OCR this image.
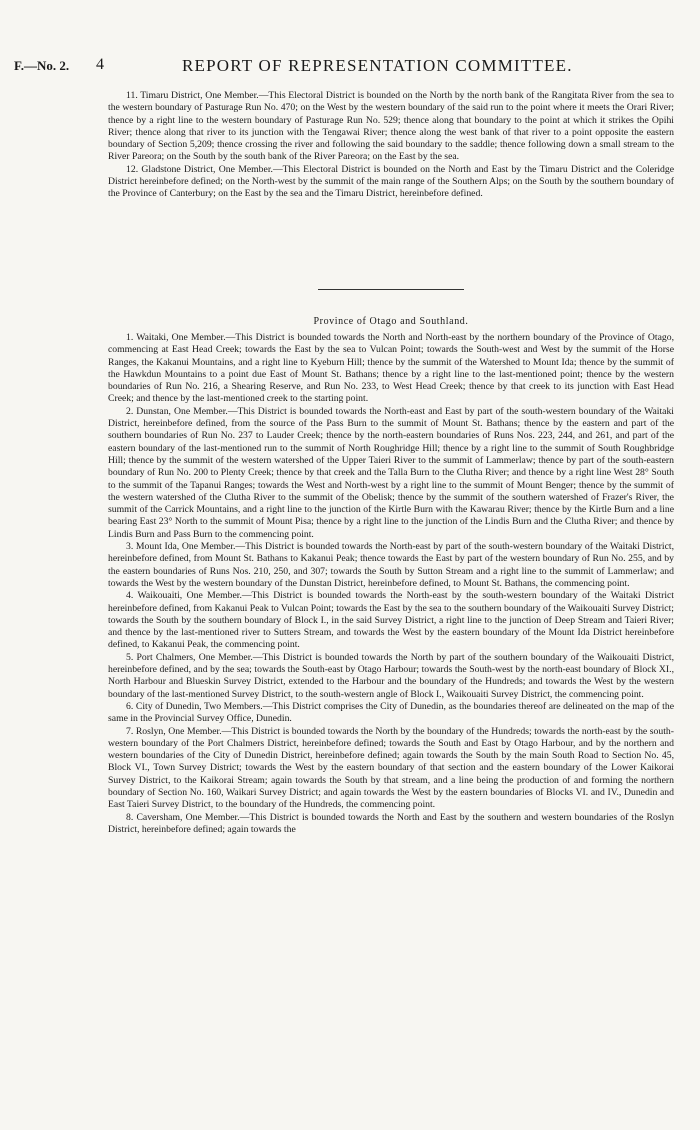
F.—No. 2. 4	REPORT OF REPRESENTATION COMMITTEE.

11. Timaru District, One Member.—This Electoral District is bounded on the North by the north bank of the Rangitata River from the sea to the western boundary of Pasturage Run No. 470; on the West by the western boundary of the said run to the point where it meets the Orari River; thence by a right line to the western boundary of Pasturage Run No. 529; thence along that boundary to the point at which it strikes the Opihi River; thence along that river to its junction with the Tengawai River; thence along the west bank of that river to a point opposite the eastern boundary of Section 5,209; thence crossing the river and following the said boundary to the saddle; thence following down a small stream to the River Pareora; on the South by the south bank of the River Pareora; on the East by the sea.

12. Gladstone District, One Member.—This Electoral District is bounded on the North and East by the Timaru District and the Coleridge District hereinbefore defined; on the North-west by the summit of the main range of the Southern Alps; on the South by the southern boundary of the Province of Canterbury; on the East by the sea and the Timaru District, hereinbefore defined.

Province of Otago and Southland.

1. Waitaki, One Member.—This District is bounded towards the North and North-east by the northern boundary of the Province of Otago, commencing at East Head Creek; towards the East by the sea to Vulcan Point; towards the South-west and West by the summit of the Horse Ranges, the Kakanui Mountains, and a right line to Kyeburn Hill; thence by the summit of the Watershed to Mount Ida; thence by the summit of the Hawkdun Mountains to a point due East of Mount St. Bathans; thence by a right line to the last-mentioned point; thence by the western boundaries of Run No. 216, a Shearing Reserve, and Run No. 233, to West Head Creek; thence by that creek to its junction with East Head Creek; and thence by the last-mentioned creek to the starting point.

2. Dunstan, One Member.—This District is bounded towards the North-east and East by part of the south-western boundary of the Waitaki District, hereinbefore defined, from the source of the Pass Burn to the summit of Mount St. Bathans; thence by the eastern and part of the southern boundaries of Run No. 237 to Lauder Creek; thence by the north-eastern boundaries of Runs Nos. 223, 244, and 261, and part of the eastern boundary of the last-mentioned run to the summit of North Roughridge Hill; thence by a right line to the summit of South Roughbridge Hill; thence by the summit of the western watershed of the Upper Taieri River to the summit of Lammerlaw; thence by part of the south-eastern boundary of Run No. 200 to Plenty Creek; thence by that creek and the Talla Burn to the Clutha River; and thence by a right line West 28° South to the summit of the Tapanui Ranges; towards the West and North-west by a right line to the summit of Mount Benger; thence by the summit of the western watershed of the Clutha River to the summit of the Obelisk; thence by the summit of the southern watershed of Frazer's River, the summit of the Carrick Mountains, and a right line to the junction of the Kirtle Burn with the Kawarau River; thence by the Kirtle Burn and a line bearing East 23° North to the summit of Mount Pisa; thence by a right line to the junction of the Lindis Burn and the Clutha River; and thence by Lindis Burn and Pass Burn to the commencing point.

3. Mount Ida, One Member.—This District is bounded towards the North-east by part of the south-western boundary of the Waitaki District, hereinbefore defined, from Mount St. Bathans to Kakanui Peak; thence towards the East by part of the western boundary of Run No. 255, and by the eastern boundaries of Runs Nos. 210, 250, and 307; towards the South by Sutton Stream and a right line to the summit of Lammerlaw; and towards the West by the western boundary of the Dunstan District, hereinbefore defined, to Mount St. Bathans, the commencing point.

4. Waikouaiti, One Member.—This District is bounded towards the North-east by the south-western boundary of the Waitaki District hereinbefore defined, from Kakanui Peak to Vulcan Point; towards the East by the sea to the southern boundary of the Waikouaiti Survey District; towards the South by the southern boundary of Block I., in the said Survey District, a right line to the junction of Deep Stream and Taieri River; and thence by the last-mentioned river to Sutters Stream, and towards the West by the eastern boundary of the Mount Ida District hereinbefore defined, to Kakanui Peak, the commencing point.

5. Port Chalmers, One Member.—This District is bounded towards the North by part of the southern boundary of the Waikouaiti District, hereinbefore defined, and by the sea; towards the South-east by Otago Harbour; towards the South-west by the north-east boundary of Block XI., North Harbour and Blueskin Survey District, extended to the Harbour and the boundary of the Hundreds; and towards the West by the western boundary of the last-mentioned Survey District, to the south-western angle of Block I., Waikouaiti Survey District, the commencing point.

6. City of Dunedin, Two Members.—This District comprises the City of Dunedin, as the boundaries thereof are delineated on the map of the same in the Provincial Survey Office, Dunedin.

7. Roslyn, One Member.—This District is bounded towards the North by the boundary of the Hundreds; towards the north-east by the south-western boundary of the Port Chalmers District, hereinbefore defined; towards the South and East by Otago Harbour, and by the northern and western boundaries of the City of Dunedin District, hereinbefore defined; again towards the South by the main South Road to Section No. 45, Block VI., Town Survey District; towards the West by the eastern boundary of that section and the eastern boundary of the Lower Kaikorai Survey District, to the Kaikorai Stream; again towards the South by that stream, and a line being the production of and forming the northern boundary of Section No. 160, Waikari Survey District; and again towards the West by the eastern boundaries of Blocks VI. and IV., Dunedin and East Taieri Survey District, to the boundary of the Hundreds, the commencing point.

8. Caversham, One Member.—This District is bounded towards the North and East by the southern and western boundaries of the Roslyn District, hereinbefore defined; again towards the
